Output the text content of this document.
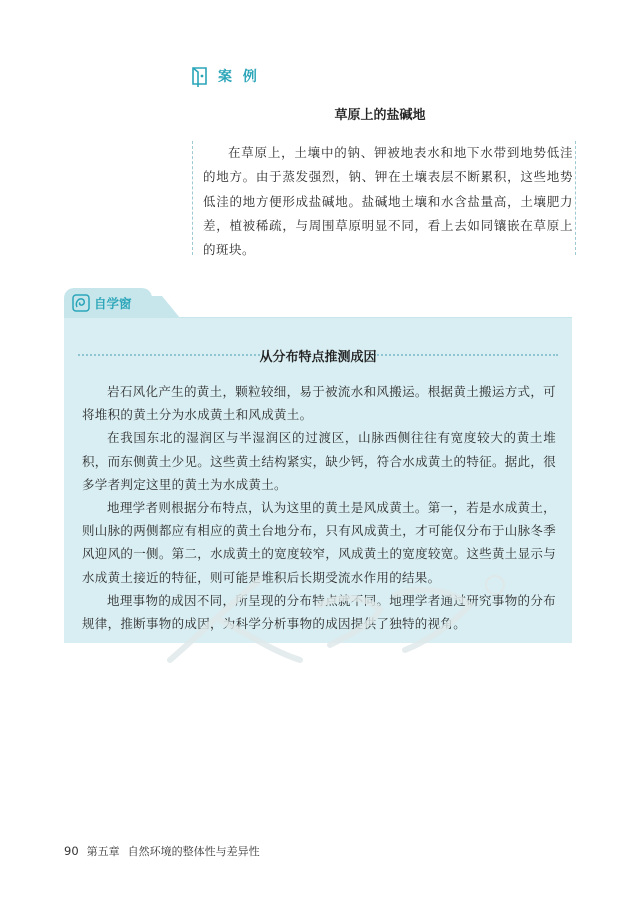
案 例
草原上的盐碱地

在草原上，土壤中的钠、钾被地表水和地下水带到地势低洼的地方。由于蒸发强烈，钠、钾在土壤表层不断累积，这些地势低洼的地方便形成盐碱地。盐碱地土壤和水含盐量高，土壤肥力差，植被稀疏，与周围草原明显不同，看上去如同镶嵌在草原上的斑块。

自学窗
从分布特点推测成因

岩石风化产生的黄土，颗粒较细，易于被流水和风搬运。根据黄土搬运方式，可将堆积的黄土分为水成黄土和风成黄土。

在我国东北的湿润区与半湿润区的过渡区，山脉西侧往往有宽度较大的黄土堆积，而东侧黄土少见。这些黄土结构紧实，缺少钙，符合水成黄土的特征。据此，很多学者判定这里的黄土为水成黄土。

地理学者则根据分布特点，认为这里的黄土是风成黄土。第一，若是水成黄土，则山脉的两侧都应有相应的黄土台地分布，只有风成黄土，才可能仅分布于山脉冬季风迎风的一侧。第二，水成黄土的宽度较窄，风成黄土的宽度较宽。这些黄土显示与水成黄土接近的特征，则可能是堆积后长期受流水作用的结果。

地理事物的成因不同，所呈现的分布特点就不同。地理学者通过研究事物的分布规律，推断事物的成因，为科学分析事物的成因提供了独特的视角。

90 第五章 自然环境的整体性与差异性
